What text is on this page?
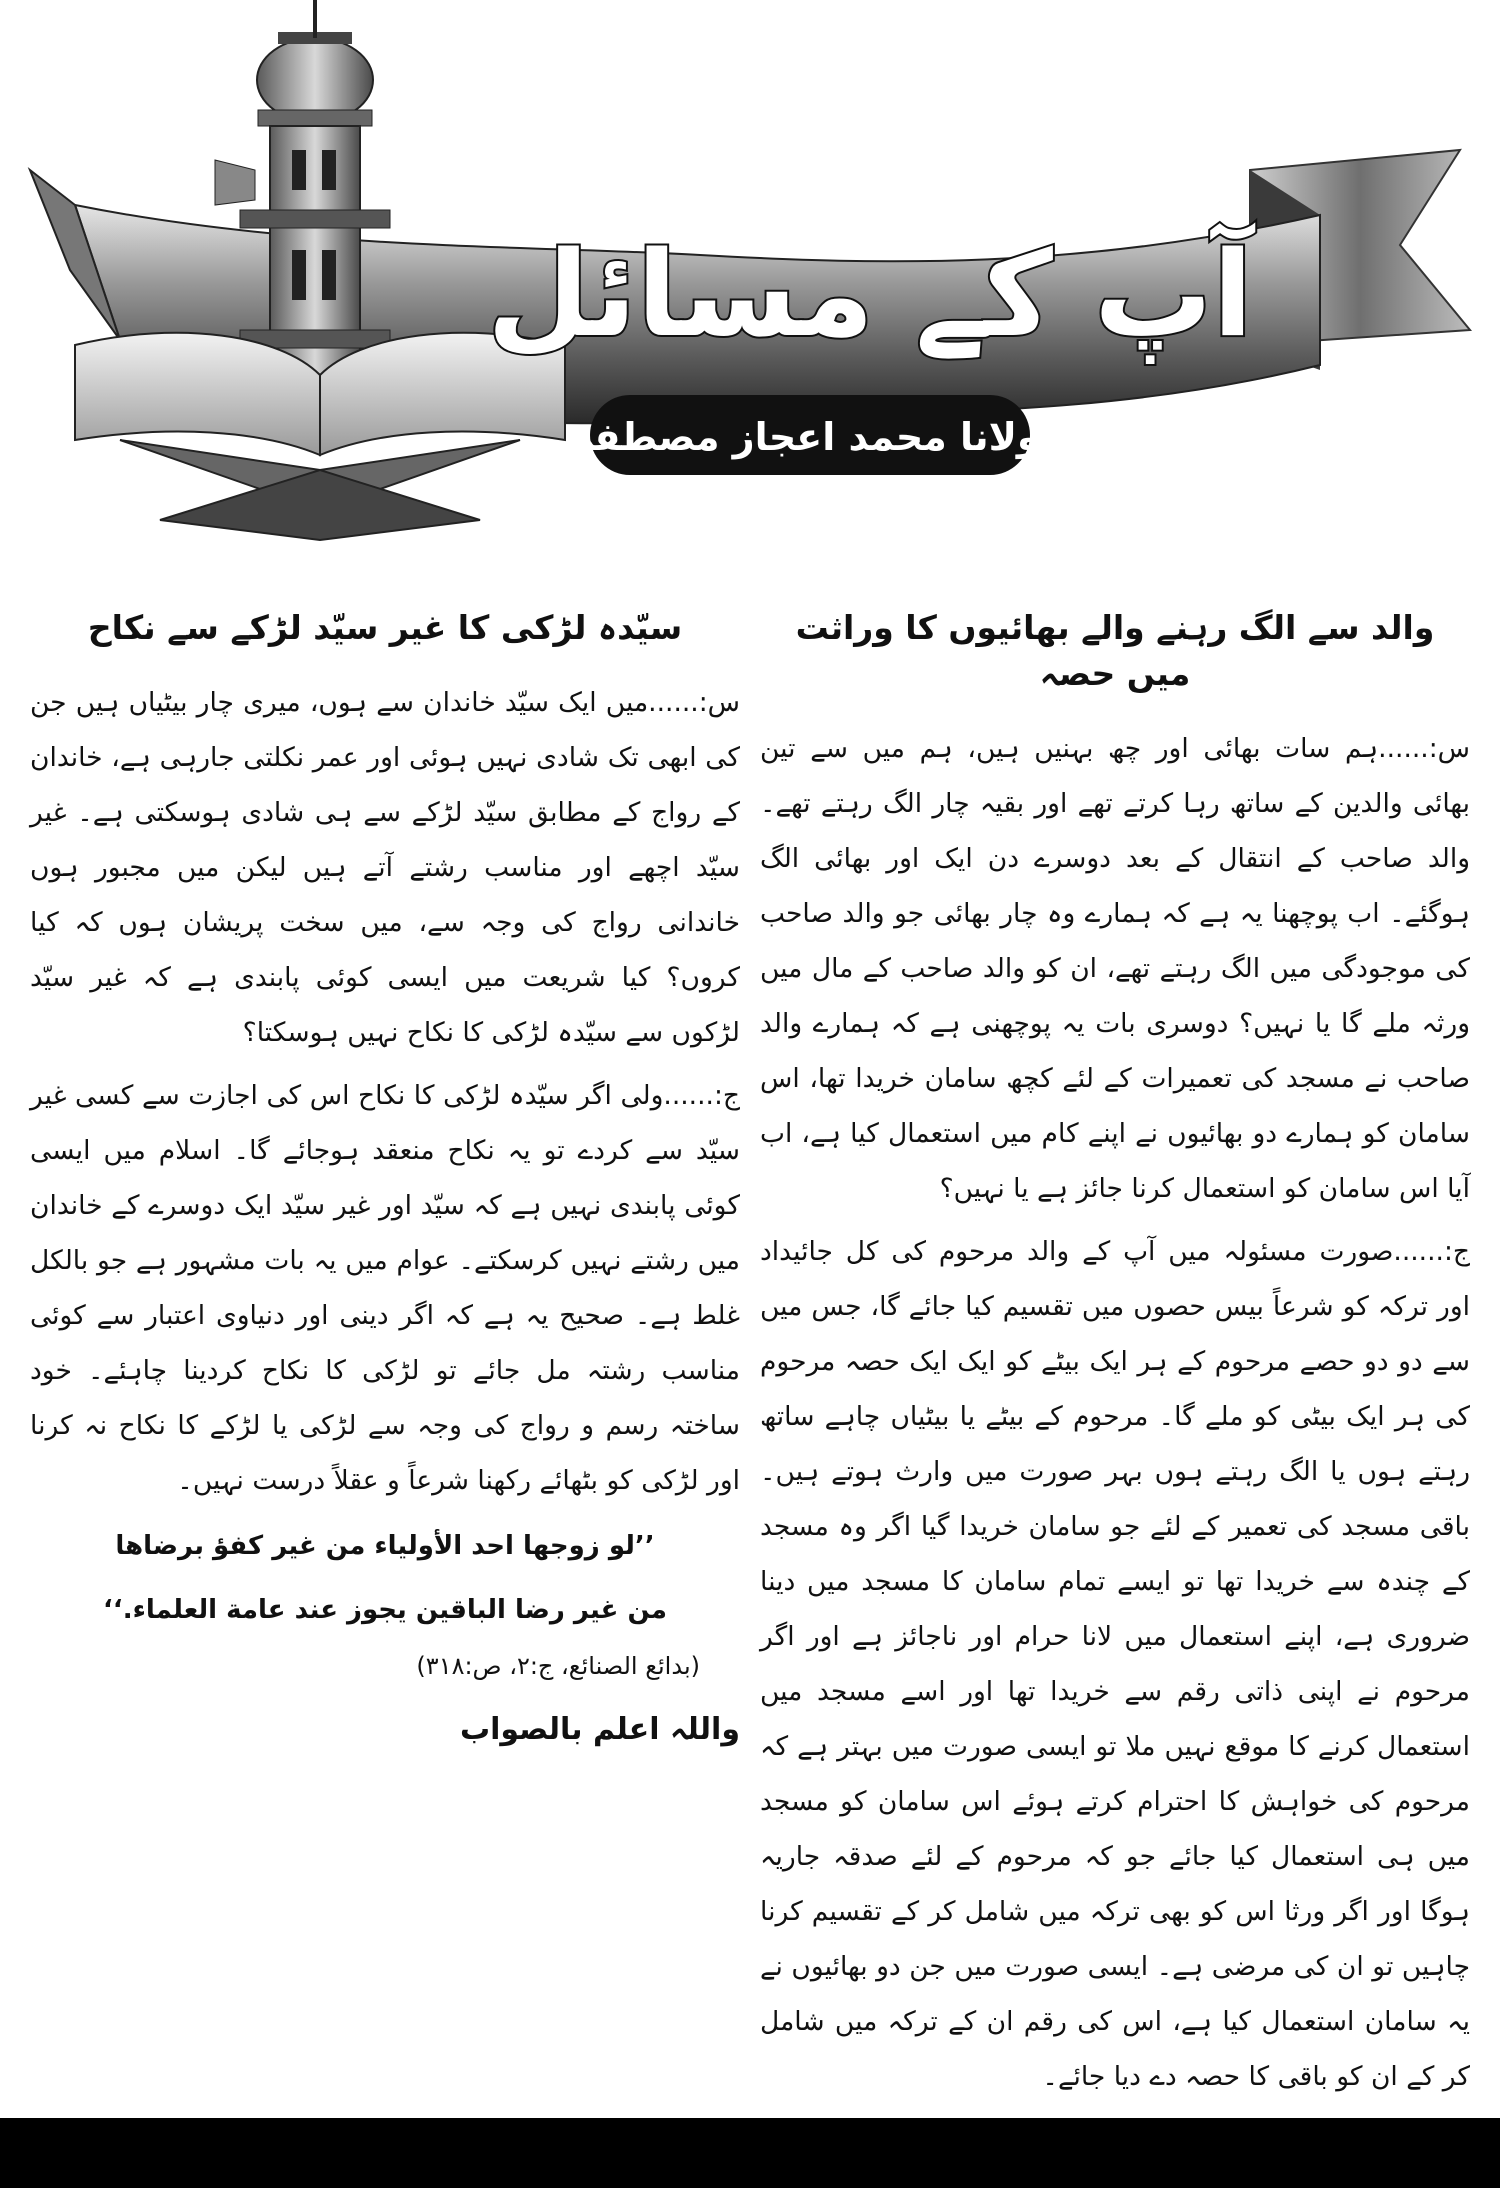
آپ کے مسائل
مولانا محمد اعجاز مصطفیٰ
والد سے الگ رہنے والے بھائیوں کا وراثت میں حصہ

س:......ہم سات بھائی اور چھ بہنیں ہیں، ہم میں سے تین بھائی والدین کے ساتھ رہا کرتے تھے اور بقیہ چار الگ رہتے تھے۔ والد صاحب کے انتقال کے بعد دوسرے دن ایک اور بھائی الگ ہوگئے۔ اب پوچھنا یہ ہے کہ ہمارے وہ چار بھائی جو والد صاحب کی موجودگی میں الگ رہتے تھے، ان کو والد صاحب کے مال میں ورثہ ملے گا یا نہیں؟ دوسری بات یہ پوچھنی ہے کہ ہمارے والد صاحب نے مسجد کی تعمیرات کے لئے کچھ سامان خریدا تھا، اس سامان کو ہمارے دو بھائیوں نے اپنے کام میں استعمال کیا ہے، اب آیا اس سامان کو استعمال کرنا جائز ہے یا نہیں؟

ج:......صورت مسئولہ میں آپ کے والد مرحوم کی کل جائیداد اور ترکہ کو شرعاً بیس حصوں میں تقسیم کیا جائے گا، جس میں سے دو دو حصے مرحوم کے ہر ایک بیٹے کو ایک ایک حصہ مرحوم کی ہر ایک بیٹی کو ملے گا۔ مرحوم کے بیٹے یا بیٹیاں چاہے ساتھ رہتے ہوں یا الگ رہتے ہوں بہر صورت میں وارث ہوتے ہیں۔ باقی مسجد کی تعمیر کے لئے جو سامان خریدا گیا اگر وہ مسجد کے چندہ سے خریدا تھا تو ایسے تمام سامان کا مسجد میں دینا ضروری ہے، اپنے استعمال میں لانا حرام اور ناجائز ہے اور اگر مرحوم نے اپنی ذاتی رقم سے خریدا تھا اور اسے مسجد میں استعمال کرنے کا موقع نہیں ملا تو ایسی صورت میں بہتر ہے کہ مرحوم کی خواہش کا احترام کرتے ہوئے اس سامان کو مسجد میں ہی استعمال کیا جائے جو کہ مرحوم کے لئے صدقہ جاریہ ہوگا اور اگر ورثا اس کو بھی ترکہ میں شامل کر کے تقسیم کرنا چاہیں تو ان کی مرضی ہے۔ ایسی صورت میں جن دو بھائیوں نے یہ سامان استعمال کیا ہے، اس کی رقم ان کے ترکہ میں شامل کر کے ان کو باقی کا حصہ دے دیا جائے۔

سیّدہ لڑکی کا غیر سیّد لڑکے سے نکاح

س:......میں ایک سیّد خاندان سے ہوں، میری چار بیٹیاں ہیں جن کی ابھی تک شادی نہیں ہوئی اور عمر نکلتی جارہی ہے، خاندان کے رواج کے مطابق سیّد لڑکے سے ہی شادی ہوسکتی ہے۔ غیر سیّد اچھے اور مناسب رشتے آتے ہیں لیکن میں مجبور ہوں خاندانی رواج کی وجہ سے، میں سخت پریشان ہوں کہ کیا کروں؟ کیا شریعت میں ایسی کوئی پابندی ہے کہ غیر سیّد لڑکوں سے سیّدہ لڑکی کا نکاح نہیں ہوسکتا؟

ج:......ولی اگر سیّدہ لڑکی کا نکاح اس کی اجازت سے کسی غیر سیّد سے کردے تو یہ نکاح منعقد ہوجائے گا۔ اسلام میں ایسی کوئی پابندی نہیں ہے کہ سیّد اور غیر سیّد ایک دوسرے کے خاندان میں رشتے نہیں کرسکتے۔ عوام میں یہ بات مشہور ہے جو بالکل غلط ہے۔ صحیح یہ ہے کہ اگر دینی اور دنیاوی اعتبار سے کوئی مناسب رشتہ مل جائے تو لڑکی کا نکاح کردینا چاہئے۔ خود ساختہ رسم و رواج کی وجہ سے لڑکی یا لڑکے کا نکاح نہ کرنا اور لڑکی کو بٹھائے رکھنا شرعاً و عقلاً درست نہیں۔

’’لو زوجها احد الأولياء من غير كفؤ برضاها
من غير رضا الباقين يجوز عند عامة العلماء.‘‘
(بدائع الصنائع، ج:۲، ص:۳۱۸)
واللہ اعلم بالصواب
